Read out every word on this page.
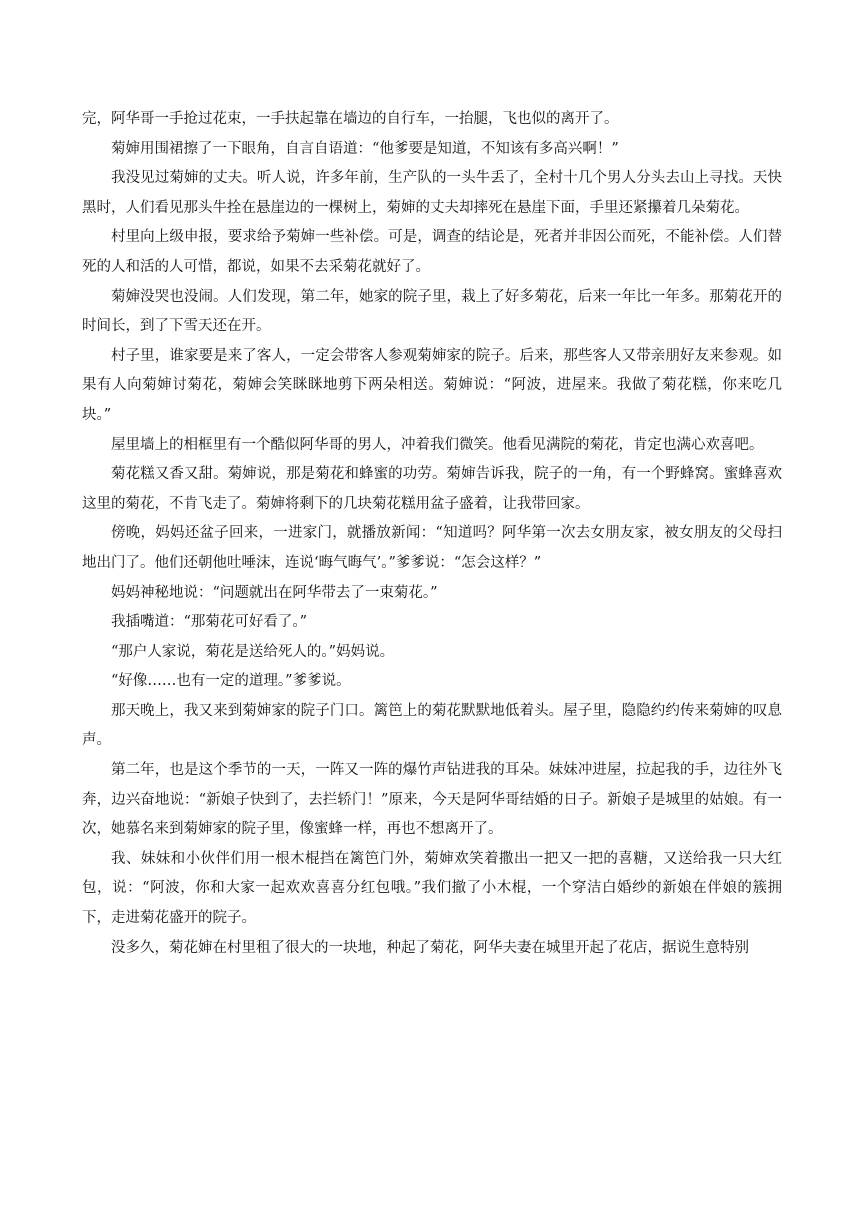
完，阿华哥一手抢过花束，一手扶起靠在墙边的自行车，一抬腿，飞也似的离开了。

菊婶用围裙擦了一下眼角，自言自语道：“他爹要是知道，不知该有多高兴啊！”

我没见过菊婶的丈夫。听人说，许多年前，生产队的一头牛丢了，全村十几个男人分头去山上寻找。天快黑时，人们看见那头牛拴在悬崖边的一棵树上，菊婶的丈夫却摔死在悬崖下面，手里还紧攥着几朵菊花。

村里向上级申报，要求给予菊婶一些补偿。可是，调查的结论是，死者并非因公而死，不能补偿。人们替死的人和活的人可惜，都说，如果不去采菊花就好了。

菊婶没哭也没闹。人们发现，第二年，她家的院子里，栽上了好多菊花，后来一年比一年多。那菊花开的时间长，到了下雪天还在开。

村子里，谁家要是来了客人，一定会带客人参观菊婶家的院子。后来，那些客人又带亲朋好友来参观。如果有人向菊婶讨菊花，菊婶会笑眯眯地剪下两朵相送。菊婶说：“阿波，进屋来。我做了菊花糕，你来吃几块。”

屋里墙上的相框里有一个酷似阿华哥的男人，冲着我们微笑。他看见满院的菊花，肯定也满心欢喜吧。

菊花糕又香又甜。菊婶说，那是菊花和蜂蜜的功劳。菊婶告诉我，院子的一角，有一个野蜂窝。蜜蜂喜欢这里的菊花，不肯飞走了。菊婶将剩下的几块菊花糕用盆子盛着，让我带回家。

傍晚，妈妈还盆子回来，一进家门，就播放新闻：“知道吗？阿华第一次去女朋友家，被女朋友的父母扫地出门了。他们还朝他吐唾沫，连说‘晦气晦气’。”爹爹说：“怎会这样？”

妈妈神秘地说：“问题就出在阿华带去了一束菊花。”

我插嘴道：“那菊花可好看了。”

“那户人家说，菊花是送给死人的。”妈妈说。

“好像……也有一定的道理。”爹爹说。

那天晚上，我又来到菊婶家的院子门口。篱笆上的菊花默默地低着头。屋子里，隐隐约约传来菊婶的叹息声。

第二年，也是这个季节的一天，一阵又一阵的爆竹声钻进我的耳朵。妹妹冲进屋，拉起我的手，边往外飞奔，边兴奋地说：“新娘子快到了，去拦轿门！”原来，今天是阿华哥结婚的日子。新娘子是城里的姑娘。有一次，她慕名来到菊婶家的院子里，像蜜蜂一样，再也不想离开了。

我、妹妹和小伙伴们用一根木棍挡在篱笆门外，菊婶欢笑着撒出一把又一把的喜糖，又送给我一只大红包，说：“阿波，你和大家一起欢欢喜喜分红包哦。”我们撤了小木棍，一个穿洁白婚纱的新娘在伴娘的簇拥下，走进菊花盛开的院子。

没多久，菊花婶在村里租了很大的一块地，种起了菊花，阿华夫妻在城里开起了花店，据说生意特别
